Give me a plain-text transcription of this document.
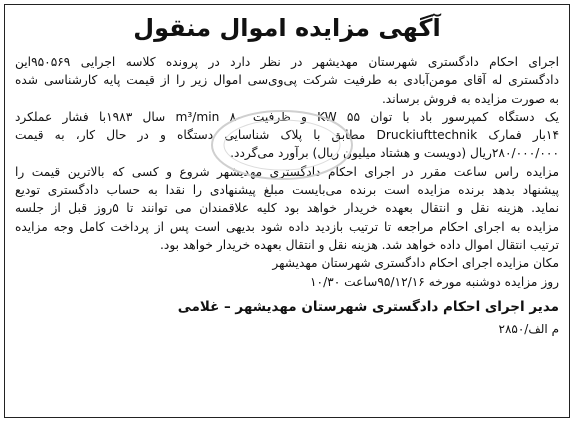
آگهی مزایده اموال منقول
اجرای احکام دادگستری شهرستان مهدیشهر در نظر دارد در پرونده کلاسه اجرایی ۹۵۰۵۶۹این
دادگستری له آقای مومن‌آبادی به طرفیت شرکت پی‌وی‌سی اموال زیر را از قیمت پایه کارشناسی شده
به صورت مزایده به فروش برساند.
یک دستگاه کمپرسور باد با توان ۵۵ KW و ظرفیت ۸۰ m³/min سال ۱۹۸۳با فشار عملکرد
۱۴بار فمارک Druckiufttechnik مطابق با پلاک شناسایی دستگاه و در حال کار، به قیمت
۲۸۰/۰۰۰/۰۰۰ریال (دویست و هشتاد میلیون ریال) برآورد می‌گردد.
مزایده راس ساعت مقرر در اجرای احکام دادگستری مهدیشهر شروع و کسی که بالاترین قیمت را
پیشنهاد بدهد برنده مزایده است برنده می‌بایست مبلغ پیشنهادی را نقدا به حساب دادگستری تودیع
نماید. هزینه نقل و انتقال بعهده خریدار خواهد بود کلیه علاقمندان می توانند تا ۵روز قبل از جلسه
مزایده به اجرای احکام مراجعه تا ترتیب بازدید داده شود بدیهی است پس از پرداخت کامل وجه مزایده
ترتیب انتقال اموال داده خواهد شد. هزینه نقل و انتقال بعهده خریدار خواهد بود.
مکان مزایده اجرای احکام دادگستری شهرستان مهدیشهر
روز مزایده دوشنبه مورخه ۹۵/۱۲/۱۶ساعت ۱۰/۳۰
مدیر اجرای احکام دادگستری شهرستان مهدیشهر – غلامی
م الف/۲۸۵۰
